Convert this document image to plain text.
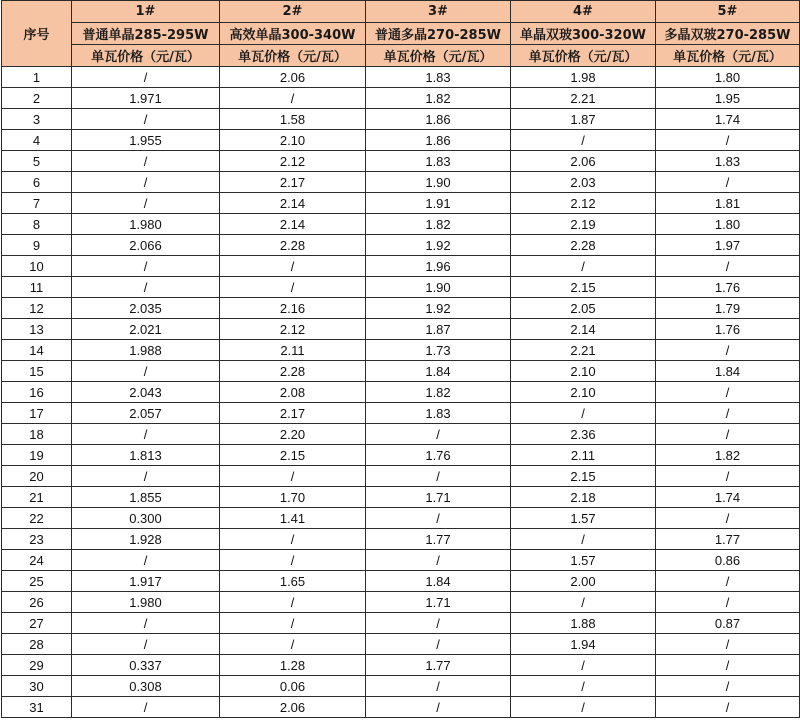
序号	1#	2#	3#	4#	5#
	普通单晶285-295W	高效单晶300-340W	普通多晶270-285W	单晶双玻300-320W	多晶双玻270-285W
	单瓦价格（元/瓦）	单瓦价格（元/瓦）	单瓦价格（元/瓦）	单瓦价格（元/瓦）	单瓦价格（元/瓦）
1	/	2.06	1.83	1.98	1.80
2	1.971	/	1.82	2.21	1.95
3	/	1.58	1.86	1.87	1.74
4	1.955	2.10	1.86	/	/
5	/	2.12	1.83	2.06	1.83
6	/	2.17	1.90	2.03	/
7	/	2.14	1.91	2.12	1.81
8	1.980	2.14	1.82	2.19	1.80
9	2.066	2.28	1.92	2.28	1.97
10	/	/	1.96	/	/
11	/	/	1.90	2.15	1.76
12	2.035	2.16	1.92	2.05	1.79
13	2.021	2.12	1.87	2.14	1.76
14	1.988	2.11	1.73	2.21	/
15	/	2.28	1.84	2.10	1.84
16	2.043	2.08	1.82	2.10	/
17	2.057	2.17	1.83	/	/
18	/	2.20	/	2.36	/
19	1.813	2.15	1.76	2.11	1.82
20	/	/	/	2.15	/
21	1.855	1.70	1.71	2.18	1.74
22	0.300	1.41	/	1.57	/
23	1.928	/	1.77	/	1.77
24	/	/	/	1.57	0.86
25	1.917	1.65	1.84	2.00	/
26	1.980	/	1.71	/	/
27	/	/	/	1.88	0.87
28	/	/	/	1.94	/
29	0.337	1.28	1.77	/	/
30	0.308	0.06	/	/	/
31	/	2.06	/	/	/
